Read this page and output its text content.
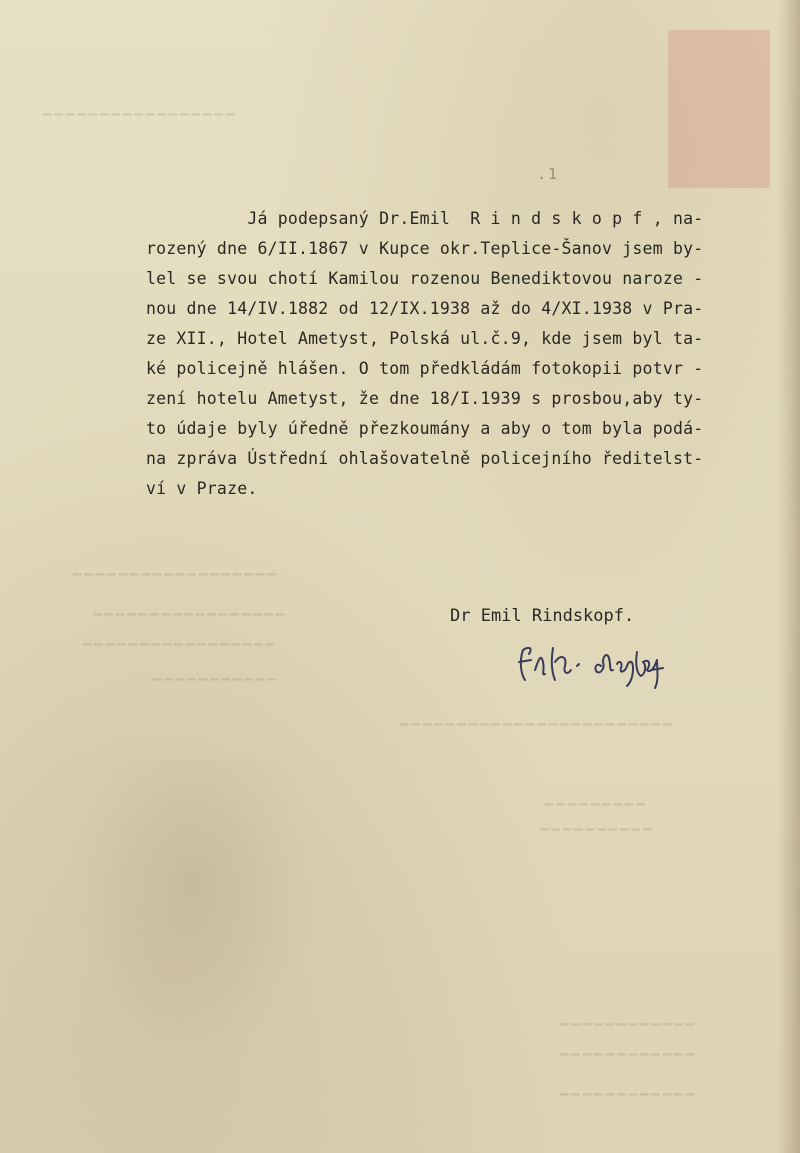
▁▁▁▁▁▁▁▁▁▁▁▁▁▁▁▁▁
▁▁▁▁▁▁▁▁▁▁▁▁▁▁▁▁▁▁
▁▁▁▁▁▁▁▁▁▁▁▁▁▁▁▁▁
▁▁▁▁▁▁▁▁▁▁▁▁▁▁▁▁▁
▁▁▁▁▁▁▁▁▁▁▁
▁▁▁▁▁▁▁▁▁▁▁▁▁▁▁▁▁▁▁▁▁▁▁▁
▁▁▁▁▁▁▁▁▁
▁▁▁▁▁▁▁▁▁▁
▁▁▁▁▁▁▁▁▁▁▁▁
▁▁▁▁▁▁▁▁▁▁▁▁
▁▁▁▁▁▁▁▁▁▁▁▁
.1
Já podepsaný Dr.Emil  R i n d s k o p f , na-
rozený dne 6/II.1867 v Kupce okr.Teplice-Šanov jsem by-
lel se svou chotí Kamilou rozenou Benediktovou naroze -
nou dne 14/IV.1882 od 12/IX.1938 až do 4/XI.1938 v Pra-
ze XII., Hotel Ametyst, Polská ul.č.9, kde jsem byl ta-
ké policejně hlášen. O tom předkládám fotokopii potvr -
zení hotelu Ametyst, že dne 18/I.1939 s prosbou,aby ty-
to údaje byly úředně přezkoumány a aby o tom byla podá-
na zpráva Ústřední ohlašovatelně policejního ředitelst-
ví v Praze.
Dr Emil Rindskopf.
